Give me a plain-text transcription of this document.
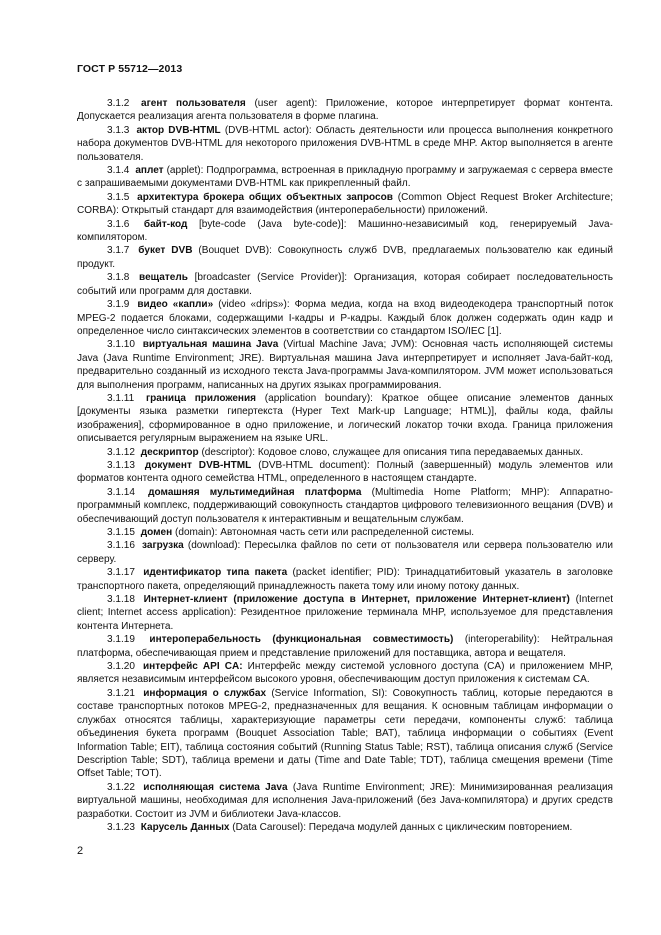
ГОСТ Р 55712—2013

3.1.2 агент пользователя (user agent): Приложение, которое интерпретирует формат контента. Допускается реализация агента пользователя в форме плагина.

3.1.3 актор DVB-HTML (DVB-HTML actor): Область деятельности или процесса выполнения конкретного набора документов DVB-HTML для некоторого приложения DVB-HTML в среде MHP. Актор выполняется в агенте пользователя.

3.1.4 аплет (applet): Подпрограмма, встроенная в прикладную программу и загружаемая с сервера вместе с запрашиваемыми документами DVB-HTML как прикрепленный файл.

3.1.5 архитектура брокера общих объектных запросов (Common Object Request Broker Architecture; CORBA): Открытый стандарт для взаимодействия (интероперабельности) приложений.

3.1.6 байт-код [byte-code (Java byte-code)]: Машинно-независимый код, генерируемый Java-компилятором.

3.1.7 букет DVB (Bouquet DVB): Совокупность служб DVB, предлагаемых пользователю как единый продукт.

3.1.8 вещатель [broadcaster (Service Provider)]: Организация, которая собирает последовательность событий или программ для доставки.

3.1.9 видео «капли» (video «drips»): Форма медиа, когда на вход видеодекодера транспортный поток MPEG-2 подается блоками, содержащими I-кадры и P-кадры. Каждый блок должен содержать один кадр и определенное число синтаксических элементов в соответствии со стандартом ISO/IEC [1].

3.1.10 виртуальная машина Java (Virtual Machine Java; JVM): Основная часть исполняющей системы Java (Java Runtime Environment; JRE). Виртуальная машина Java интерпретирует и исполняет Java-байт-код, предварительно созданный из исходного текста Java-программы Java-компилятором. JVM может использоваться для выполнения программ, написанных на других языках программирования.

3.1.11 граница приложения (application boundary): Краткое общее описание элементов данных [документы языка разметки гипертекста (Hyper Text Mark-up Language; HTML)], файлы кода, файлы изображения], сформированное в одно приложение, и логический локатор точки входа. Граница приложения описывается регулярным выражением на языке URL.

3.1.12 дескриптор (descriptor): Кодовое слово, служащее для описания типа передаваемых данных.

3.1.13 документ DVB-HTML (DVB-HTML document): Полный (завершенный) модуль элементов или форматов контента одного семейства HTML, определенного в настоящем стандарте.

3.1.14 домашняя мультимедийная платформа (Multimedia Home Platform; MHP): Аппаратно-программный комплекс, поддерживающий совокупность стандартов цифрового телевизионного вещания (DVB) и обеспечивающий доступ пользователя к интерактивным и вещательным службам.

3.1.15 домен (domain): Автономная часть сети или распределенной системы.

3.1.16 загрузка (download): Пересылка файлов по сети от пользователя или сервера пользователю или серверу.

3.1.17 идентификатор типа пакета (packet identifier; PID): Тринадцатибитовый указатель в заголовке транспортного пакета, определяющий принадлежность пакета тому или иному потоку данных.

3.1.18 Интернет-клиент (приложение доступа в Интернет, приложение Интернет-клиент) (Internet client; Internet access application): Резидентное приложение терминала MHP, используемое для представления контента Интернета.

3.1.19 интероперабельность (функциональная совместимость) (interoperability): Нейтральная платформа, обеспечивающая прием и представление приложений для поставщика, автора и вещателя.

3.1.20 интерфейс API CA: Интерфейс между системой условного доступа (CA) и приложением MHP, является независимым интерфейсом высокого уровня, обеспечивающим доступ приложения к системам CA.

3.1.21 информация о службах (Service Information, SI): Совокупность таблиц, которые передаются в составе транспортных потоков MPEG-2, предназначенных для вещания. К основным таблицам информации о службах относятся таблицы, характеризующие параметры сети передачи, компоненты служб: таблица объединения букета программ (Bouquet Association Table; BAT), таблица информации о событиях (Event Information Table; EIT), таблица состояния событий (Running Status Table; RST), таблица описания служб (Service Description Table; SDT), таблица времени и даты (Time and Date Table; TDT), таблица смещения времени (Time Offset Table; TOT).

3.1.22 исполняющая система Java (Java Runtime Environment; JRE): Минимизированная реализация виртуальной машины, необходимая для исполнения Java-приложений (без Java-компилятора) и других средств разработки. Состоит из JVM и библиотеки Java-классов.

3.1.23 Карусель Данных (Data Carousel): Передача модулей данных с циклическим повторением.

2
